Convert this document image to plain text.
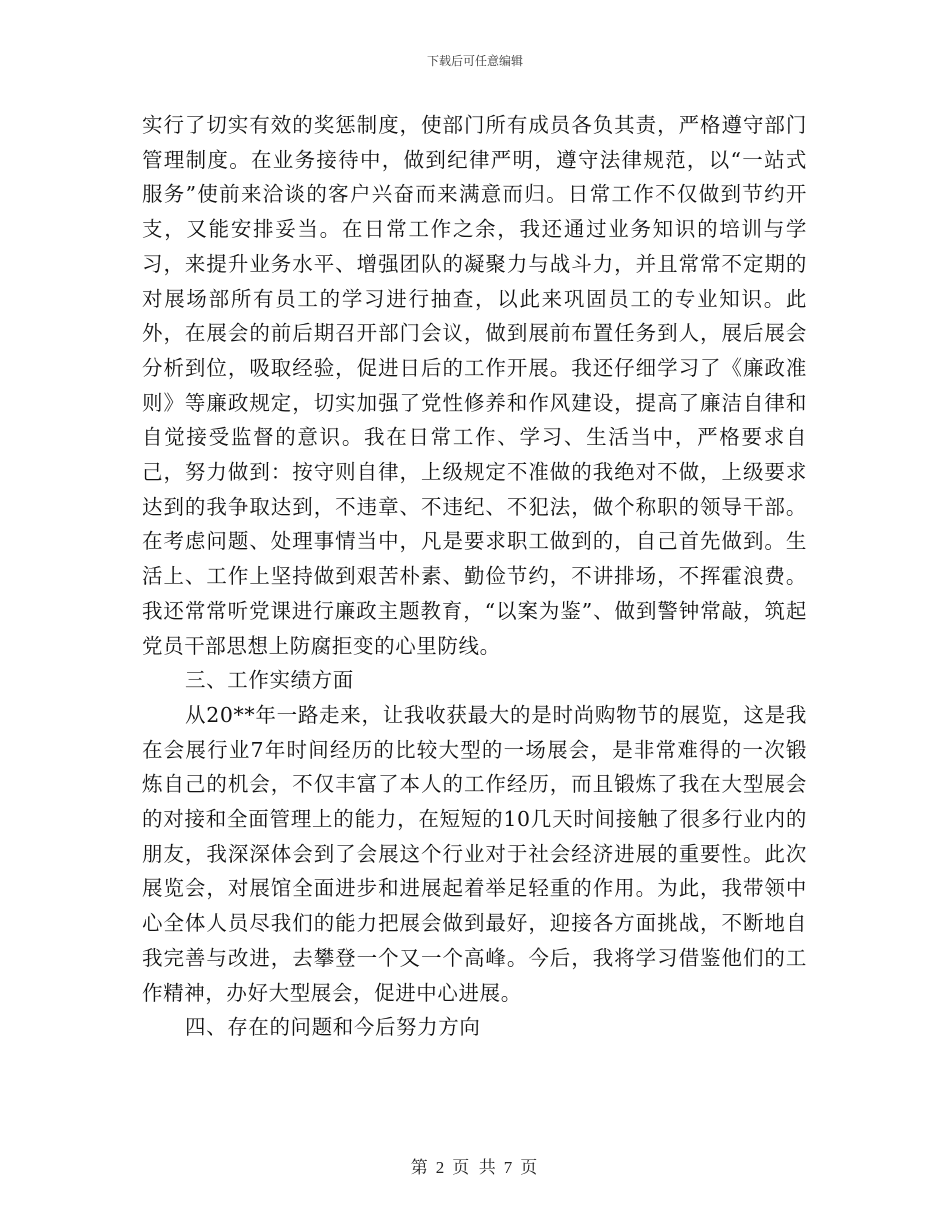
下载后可任意编辑

实行了切实有效的奖惩制度，使部门所有成员各负其责，严格遵守部门管理制度。在业务接待中，做到纪律严明，遵守法律规范，以“一站式服务”使前来洽谈的客户兴奋而来满意而归。日常工作不仅做到节约开支，又能安排妥当。在日常工作之余，我还通过业务知识的培训与学习，来提升业务水平、增强团队的凝聚力与战斗力，并且常常不定期的对展场部所有员工的学习进行抽查，以此来巩固员工的专业知识。此外，在展会的前后期召开部门会议，做到展前布置任务到人，展后展会分析到位，吸取经验，促进日后的工作开展。我还仔细学习了《廉政准则》等廉政规定，切实加强了党性修养和作风建设，提高了廉洁自律和自觉接受监督的意识。我在日常工作、学习、生活当中，严格要求自己，努力做到：按守则自律，上级规定不准做的我绝对不做，上级要求达到的我争取达到，不违章、不违纪、不犯法，做个称职的领导干部。在考虑问题、处理事情当中，凡是要求职工做到的，自己首先做到。生活上、工作上坚持做到艰苦朴素、勤俭节约，不讲排场，不挥霍浪费。我还常常听党课进行廉政主题教育，“以案为鉴”、做到警钟常敲，筑起党员干部思想上防腐拒变的心里防线。

三、工作实绩方面

从20**年一路走来，让我收获最大的是时尚购物节的展览，这是我在会展行业7年时间经历的比较大型的一场展会，是非常难得的一次锻炼自己的机会，不仅丰富了本人的工作经历，而且锻炼了我在大型展会的对接和全面管理上的能力，在短短的10几天时间接触了很多行业内的朋友，我深深体会到了会展这个行业对于社会经济进展的重要性。此次展览会，对展馆全面进步和进展起着举足轻重的作用。为此，我带领中心全体人员尽我们的能力把展会做到最好，迎接各方面挑战，不断地自我完善与改进，去攀登一个又一个高峰。今后，我将学习借鉴他们的工作精神，办好大型展会，促进中心进展。

四、存在的问题和今后努力方向

第 2 页 共 7 页
